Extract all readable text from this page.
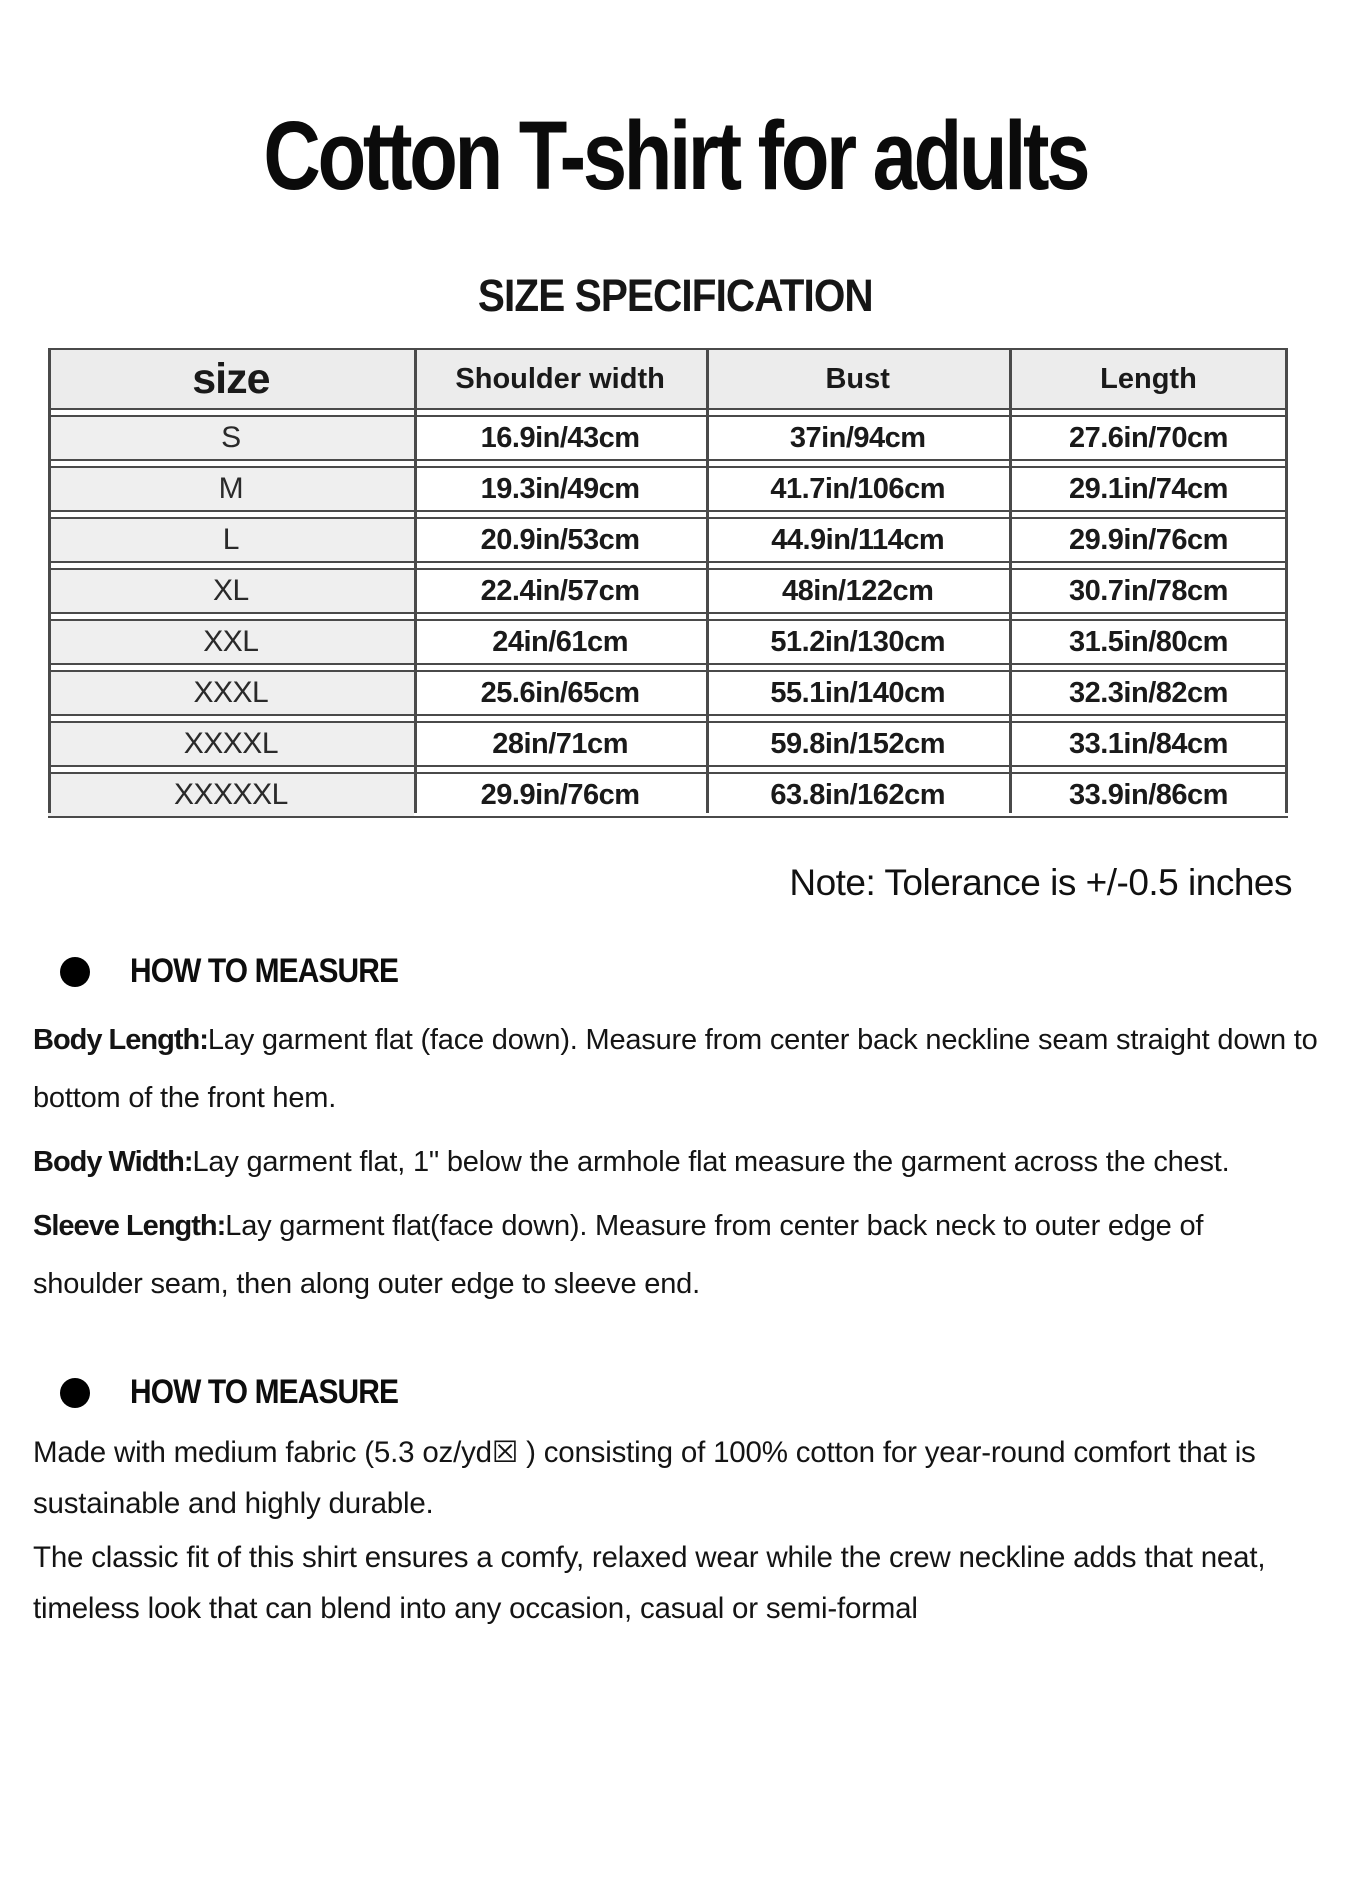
Cotton T-shirt for adults
SIZE SPECIFICATION
size	Shoulder width	Bust	Length
S	16.9in/43cm	37in/94cm	27.6in/70cm
M	19.3in/49cm	41.7in/106cm	29.1in/74cm
L	20.9in/53cm	44.9in/114cm	29.9in/76cm
XL	22.4in/57cm	48in/122cm	30.7in/78cm
XXL	24in/61cm	51.2in/130cm	31.5in/80cm
XXXL	25.6in/65cm	55.1in/140cm	32.3in/82cm
XXXXL	28in/71cm	59.8in/152cm	33.1in/84cm
XXXXXL	29.9in/76cm	63.8in/162cm	33.9in/86cm
Note: Tolerance is +/-0.5 inches
HOW TO MEASURE

Body Length:Lay garment flat (face down). Measure from center back neckline seam straight down to bottom of the front hem.

Body Width:Lay garment flat, 1" below the armhole flat measure the garment across the chest.

Sleeve Length:Lay garment flat(face down). Measure from center back neck to outer edge of shoulder seam, then along outer edge to sleeve end.

HOW TO MEASURE

Made with medium fabric (5.3 oz/yd☒ ) consisting of 100% cotton for year-round comfort that is sustainable and highly durable.

The classic fit of this shirt ensures a comfy, relaxed wear while the crew neckline adds that neat, timeless look that can blend into any occasion, casual or semi-formal
